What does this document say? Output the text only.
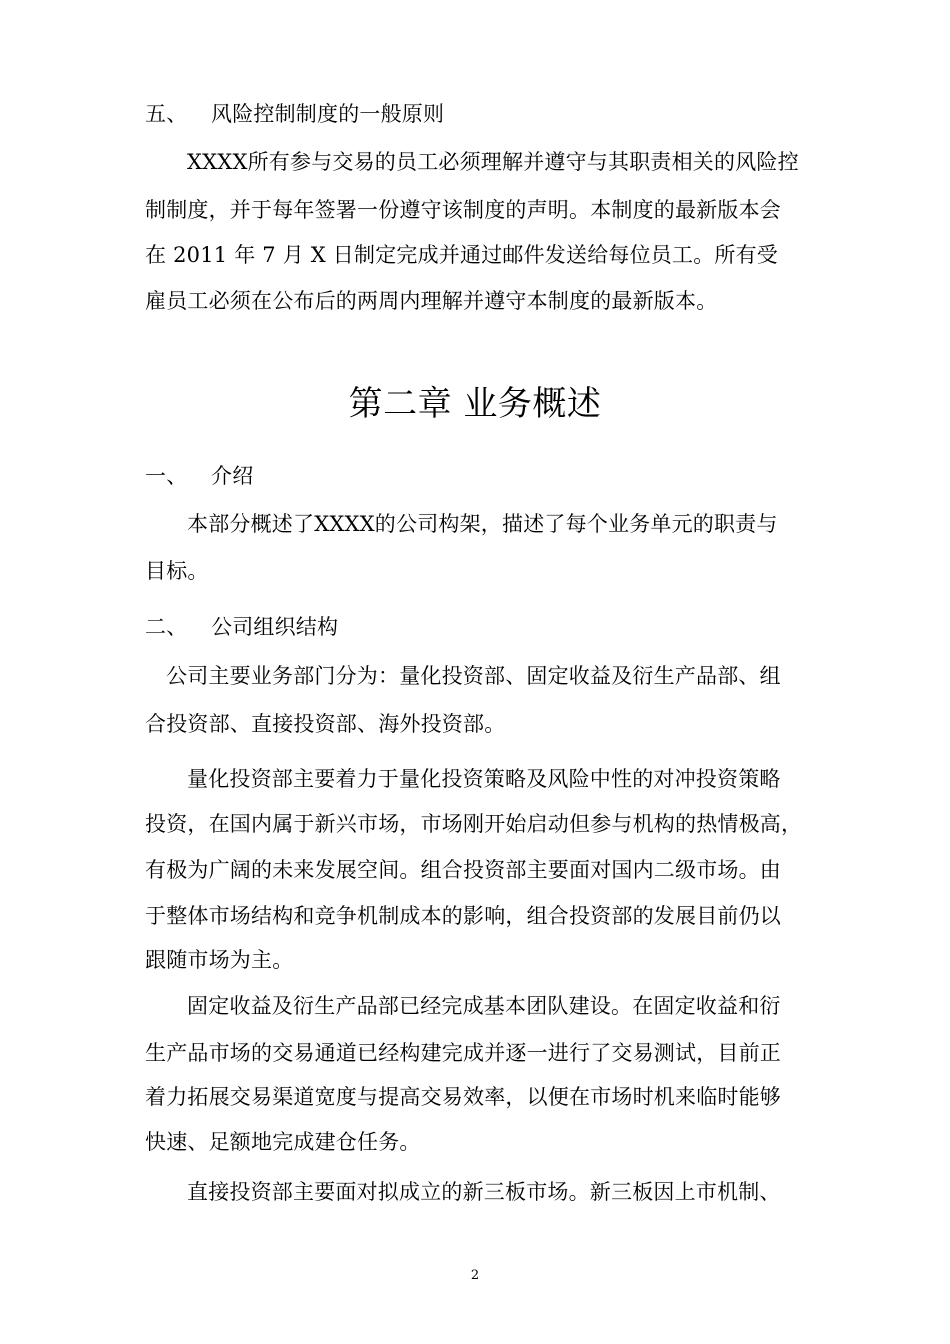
五、 风险控制制度的一般原则
XXXX所有参与交易的员工必须理解并遵守与其职责相关的风险控
制制度，并于每年签署一份遵守该制度的声明。本制度的最新版本会
在 2011 年 7 月 X 日制定完成并通过邮件发送给每位员工。所有受
雇员工必须在公布后的两周内理解并遵守本制度的最新版本。
第二章 业务概述
一、 介绍
本部分概述了XXXX的公司构架，描述了每个业务单元的职责与
目标。
二、 公司组织结构
公司主要业务部门分为：量化投资部、固定收益及衍生产品部、组
合投资部、直接投资部、海外投资部。
量化投资部主要着力于量化投资策略及风险中性的对冲投资策略
投资，在国内属于新兴市场，市场刚开始启动但参与机构的热情极高，
有极为广阔的未来发展空间。组合投资部主要面对国内二级市场。由
于整体市场结构和竞争机制成本的影响，组合投资部的发展目前仍以
跟随市场为主。
固定收益及衍生产品部已经完成基本团队建设。在固定收益和衍
生产品市场的交易通道已经构建完成并逐一进行了交易测试，目前正
着力拓展交易渠道宽度与提高交易效率，以便在市场时机来临时能够
快速、足额地完成建仓任务。
直接投资部主要面对拟成立的新三板市场。新三板因上市机制、
2
